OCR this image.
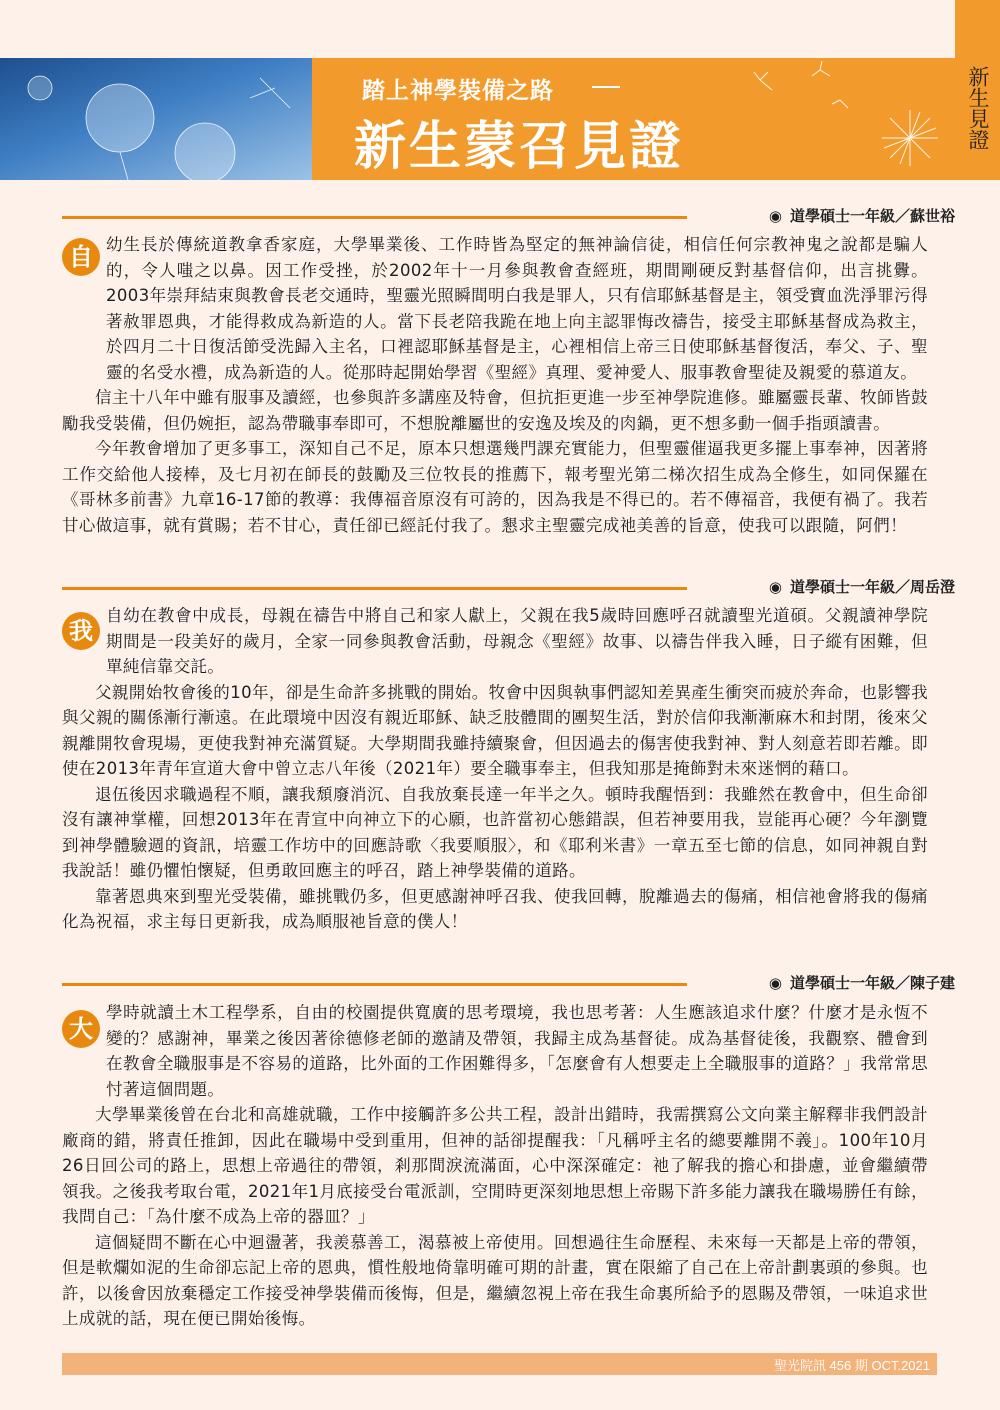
踏上神學裝備之路
新生蒙召見證	新生見證
◉ 道學碩士一年級／蘇世裕
自 幼生長於傳統道教拿香家庭，大學畢業後、工作時皆為堅定的無神論信徒，相信任何宗教神鬼之說都是騙人的，令人嗤之以鼻。因工作受挫，於2002年十一月參與教會查經班，期間剛硬反對基督信仰，出言挑釁。2003年崇拜結束與教會長老交通時，聖靈光照瞬間明白我是罪人，只有信耶穌基督是主，領受寶血洗淨罪污得著赦罪恩典，才能得救成為新造的人。當下長老陪我跪在地上向主認罪悔改禱告，接受主耶穌基督成為救主，於四月二十日復活節受洗歸入主名，口裡認耶穌基督是主，心裡相信上帝三日使耶穌基督復活，奉父、子、聖靈的名受水禮，成為新造的人。從那時起開始學習《聖經》真理、愛神愛人、服事教會聖徒及親愛的慕道友。

信主十八年中雖有服事及讀經，也參與許多講座及特會，但抗拒更進一步至神學院進修。雖屬靈長輩、牧師皆鼓勵我受裝備，但仍婉拒，認為帶職事奉即可，不想脫離屬世的安逸及埃及的肉鍋，更不想多動一個手指頭讀書。

今年教會增加了更多事工，深知自己不足，原本只想選幾門課充實能力，但聖靈催逼我更多擺上事奉神，因著將工作交給他人接棒，及七月初在師長的鼓勵及三位牧長的推薦下，報考聖光第二梯次招生成為全修生，如同保羅在《哥林多前書》九章16-17節的教導：我傳福音原沒有可誇的，因為我是不得已的。若不傳福音，我便有禍了。我若甘心做這事，就有賞賜；若不甘心，責任卻已經託付我了。懇求主聖靈完成祂美善的旨意，使我可以跟隨，阿們！

◉ 道學碩士一年級／周岳澄
我

自幼在教會中成長，母親在禱告中將自己和家人獻上，父親在我5歲時回應呼召就讀聖光道碩。父親讀神學院期間是一段美好的歲月，全家一同參與教會活動，母親念《聖經》故事、以禱告伴我入睡，日子縱有困難，但單純信靠交託。

父親開始牧會後的10年，卻是生命許多挑戰的開始。牧會中因與執事們認知差異產生衝突而疲於奔命，也影響我與父親的關係漸行漸遠。在此環境中因沒有親近耶穌、缺乏肢體間的團契生活，對於信仰我漸漸麻木和封閉，後來父親離開牧會現場，更使我對神充滿質疑。大學期間我雖持續聚會，但因過去的傷害使我對神、對人刻意若即若離。即使在2013年青年宣道大會中曾立志八年後（2021年）要全職事奉主，但我知那是掩飾對未來迷惘的藉口。

退伍後因求職過程不順，讓我頹廢消沉、自我放棄長達一年半之久。頓時我醒悟到：我雖然在教會中，但生命卻沒有讓神掌權，回想2013年在青宣中向神立下的心願，也許當初心態錯誤，但若神要用我，豈能再心硬？今年瀏覽到神學體驗週的資訊，培靈工作坊中的回應詩歌〈我要順服〉，和《耶利米書》一章五至七節的信息，如同神親自對我說話！雖仍懼怕懷疑，但勇敢回應主的呼召，踏上神學裝備的道路。

靠著恩典來到聖光受裝備，雖挑戰仍多，但更感謝神呼召我、使我回轉，脫離過去的傷痛，相信祂會將我的傷痛化為祝福，求主每日更新我，成為順服祂旨意的僕人！

◉ 道學碩士一年級／陳子建
大

學時就讀土木工程學系，自由的校園提供寬廣的思考環境，我也思考著：人生應該追求什麼？什麼才是永恆不變的？感謝神，畢業之後因著徐德修老師的邀請及帶領，我歸主成為基督徒。成為基督徒後，我觀察、體會到在教會全職服事是不容易的道路，比外面的工作困難得多，「怎麼會有人想要走上全職服事的道路？」我常常思忖著這個問題。

大學畢業後曾在台北和高雄就職，工作中接觸許多公共工程，設計出錯時，我需撰寫公文向業主解釋非我們設計廠商的錯，將責任推卸，因此在職場中受到重用，但神的話卻提醒我：「凡稱呼主名的總要離開不義」。100年10月26日回公司的路上，思想上帝過往的帶領，剎那間淚流滿面，心中深深確定：祂了解我的擔心和掛慮，並會繼續帶領我。之後我考取台電，2021年1月底接受台電派訓，空閒時更深刻地思想上帝賜下許多能力讓我在職場勝任有餘，我問自己：「為什麼不成為上帝的器皿？」

這個疑問不斷在心中迴盪著，我羨慕善工，渴慕被上帝使用。回想過往生命歷程、未來每一天都是上帝的帶領，但是軟爛如泥的生命卻忘記上帝的恩典，慣性般地倚靠明確可期的計畫，實在限縮了自己在上帝計劃裏頭的參與。也許，以後會因放棄穩定工作接受神學裝備而後悔，但是，繼續忽視上帝在我生命裏所給予的恩賜及帶領，一味追求世上成就的話，現在便已開始後悔。

聖光院訊 456 期 OCT.2021
